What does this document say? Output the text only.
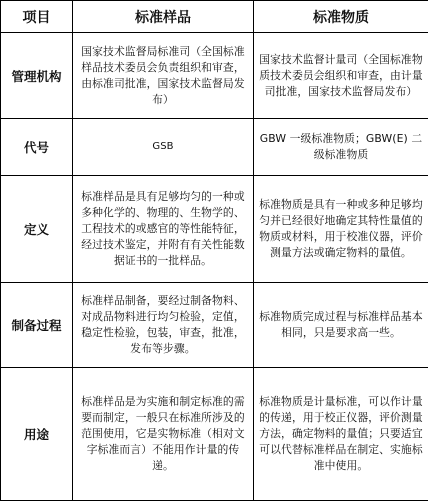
项目	标准样品	标准物质
管理机构	国家技术监督局标准司（全国标准样品技术委员会负责组织和审查，由标准司批准，国家技术监督局发布）	国家技术监督计量司（全国标准物质技术委员会组织和审查，由计量司批准，国家技术监督局发布）
代号	GSB	GBW 一级标准物质；GBW(E) 二级标准物质
定义	标准样品是具有足够均匀的一种或多种化学的、物理的、生物学的、工程技术的或感官的等性能特征，经过技术鉴定，并附有有关性能数据证书的一批样品。	标准物质是具有一种或多种足够均匀并已经很好地确定其特性量值的物质或材料，用于校准仪器，评价测量方法或确定物料的量值。
制备过程	标准样品制备，要经过制备物料、对成品物料进行均匀检验，定值，稳定性检验，包装，审查，批准，发布等步骤。	标准物质完成过程与标准样品基本相同，只是要求高一些。
用途	标准样品是为实施和制定标准的需要而制定，一般只在标准所涉及的范围使用，它是实物标准（相对文字标准而言）不能用作计量的传递。	标准物质是计量标准，可以作计量的传递，用于校正仪器，评价测量方法，确定物料的量值；只要适宜可以代替标准样品在制定、实施标准中使用。
